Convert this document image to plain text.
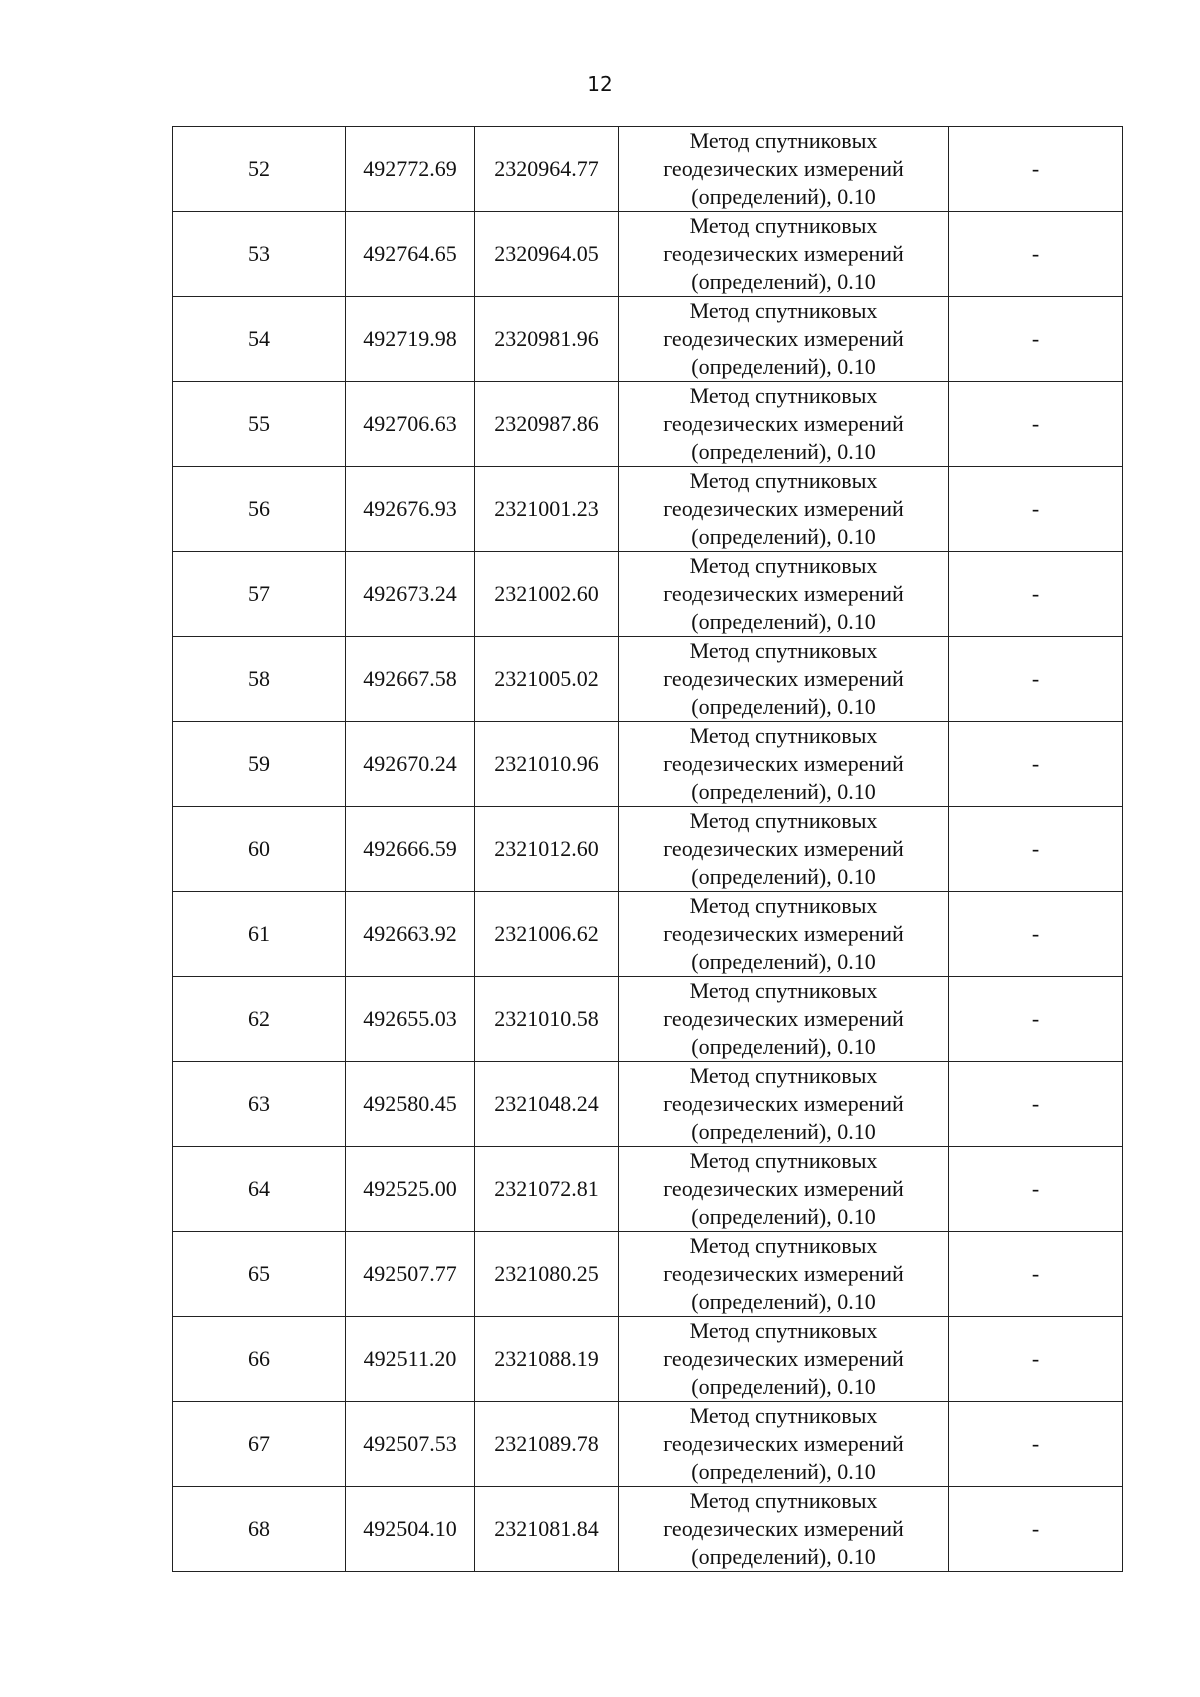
12
52	492772.69	2320964.77	Метод спутниковых
геодезических измерений
(определений), 0.10	-
53	492764.65	2320964.05	Метод спутниковых
геодезических измерений
(определений), 0.10	-
54	492719.98	2320981.96	Метод спутниковых
геодезических измерений
(определений), 0.10	-
55	492706.63	2320987.86	Метод спутниковых
геодезических измерений
(определений), 0.10	-
56	492676.93	2321001.23	Метод спутниковых
геодезических измерений
(определений), 0.10	-
57	492673.24	2321002.60	Метод спутниковых
геодезических измерений
(определений), 0.10	-
58	492667.58	2321005.02	Метод спутниковых
геодезических измерений
(определений), 0.10	-
59	492670.24	2321010.96	Метод спутниковых
геодезических измерений
(определений), 0.10	-
60	492666.59	2321012.60	Метод спутниковых
геодезических измерений
(определений), 0.10	-
61	492663.92	2321006.62	Метод спутниковых
геодезических измерений
(определений), 0.10	-
62	492655.03	2321010.58	Метод спутниковых
геодезических измерений
(определений), 0.10	-
63	492580.45	2321048.24	Метод спутниковых
геодезических измерений
(определений), 0.10	-
64	492525.00	2321072.81	Метод спутниковых
геодезических измерений
(определений), 0.10	-
65	492507.77	2321080.25	Метод спутниковых
геодезических измерений
(определений), 0.10	-
66	492511.20	2321088.19	Метод спутниковых
геодезических измерений
(определений), 0.10	-
67	492507.53	2321089.78	Метод спутниковых
геодезических измерений
(определений), 0.10	-
68	492504.10	2321081.84	Метод спутниковых
геодезических измерений
(определений), 0.10	-
